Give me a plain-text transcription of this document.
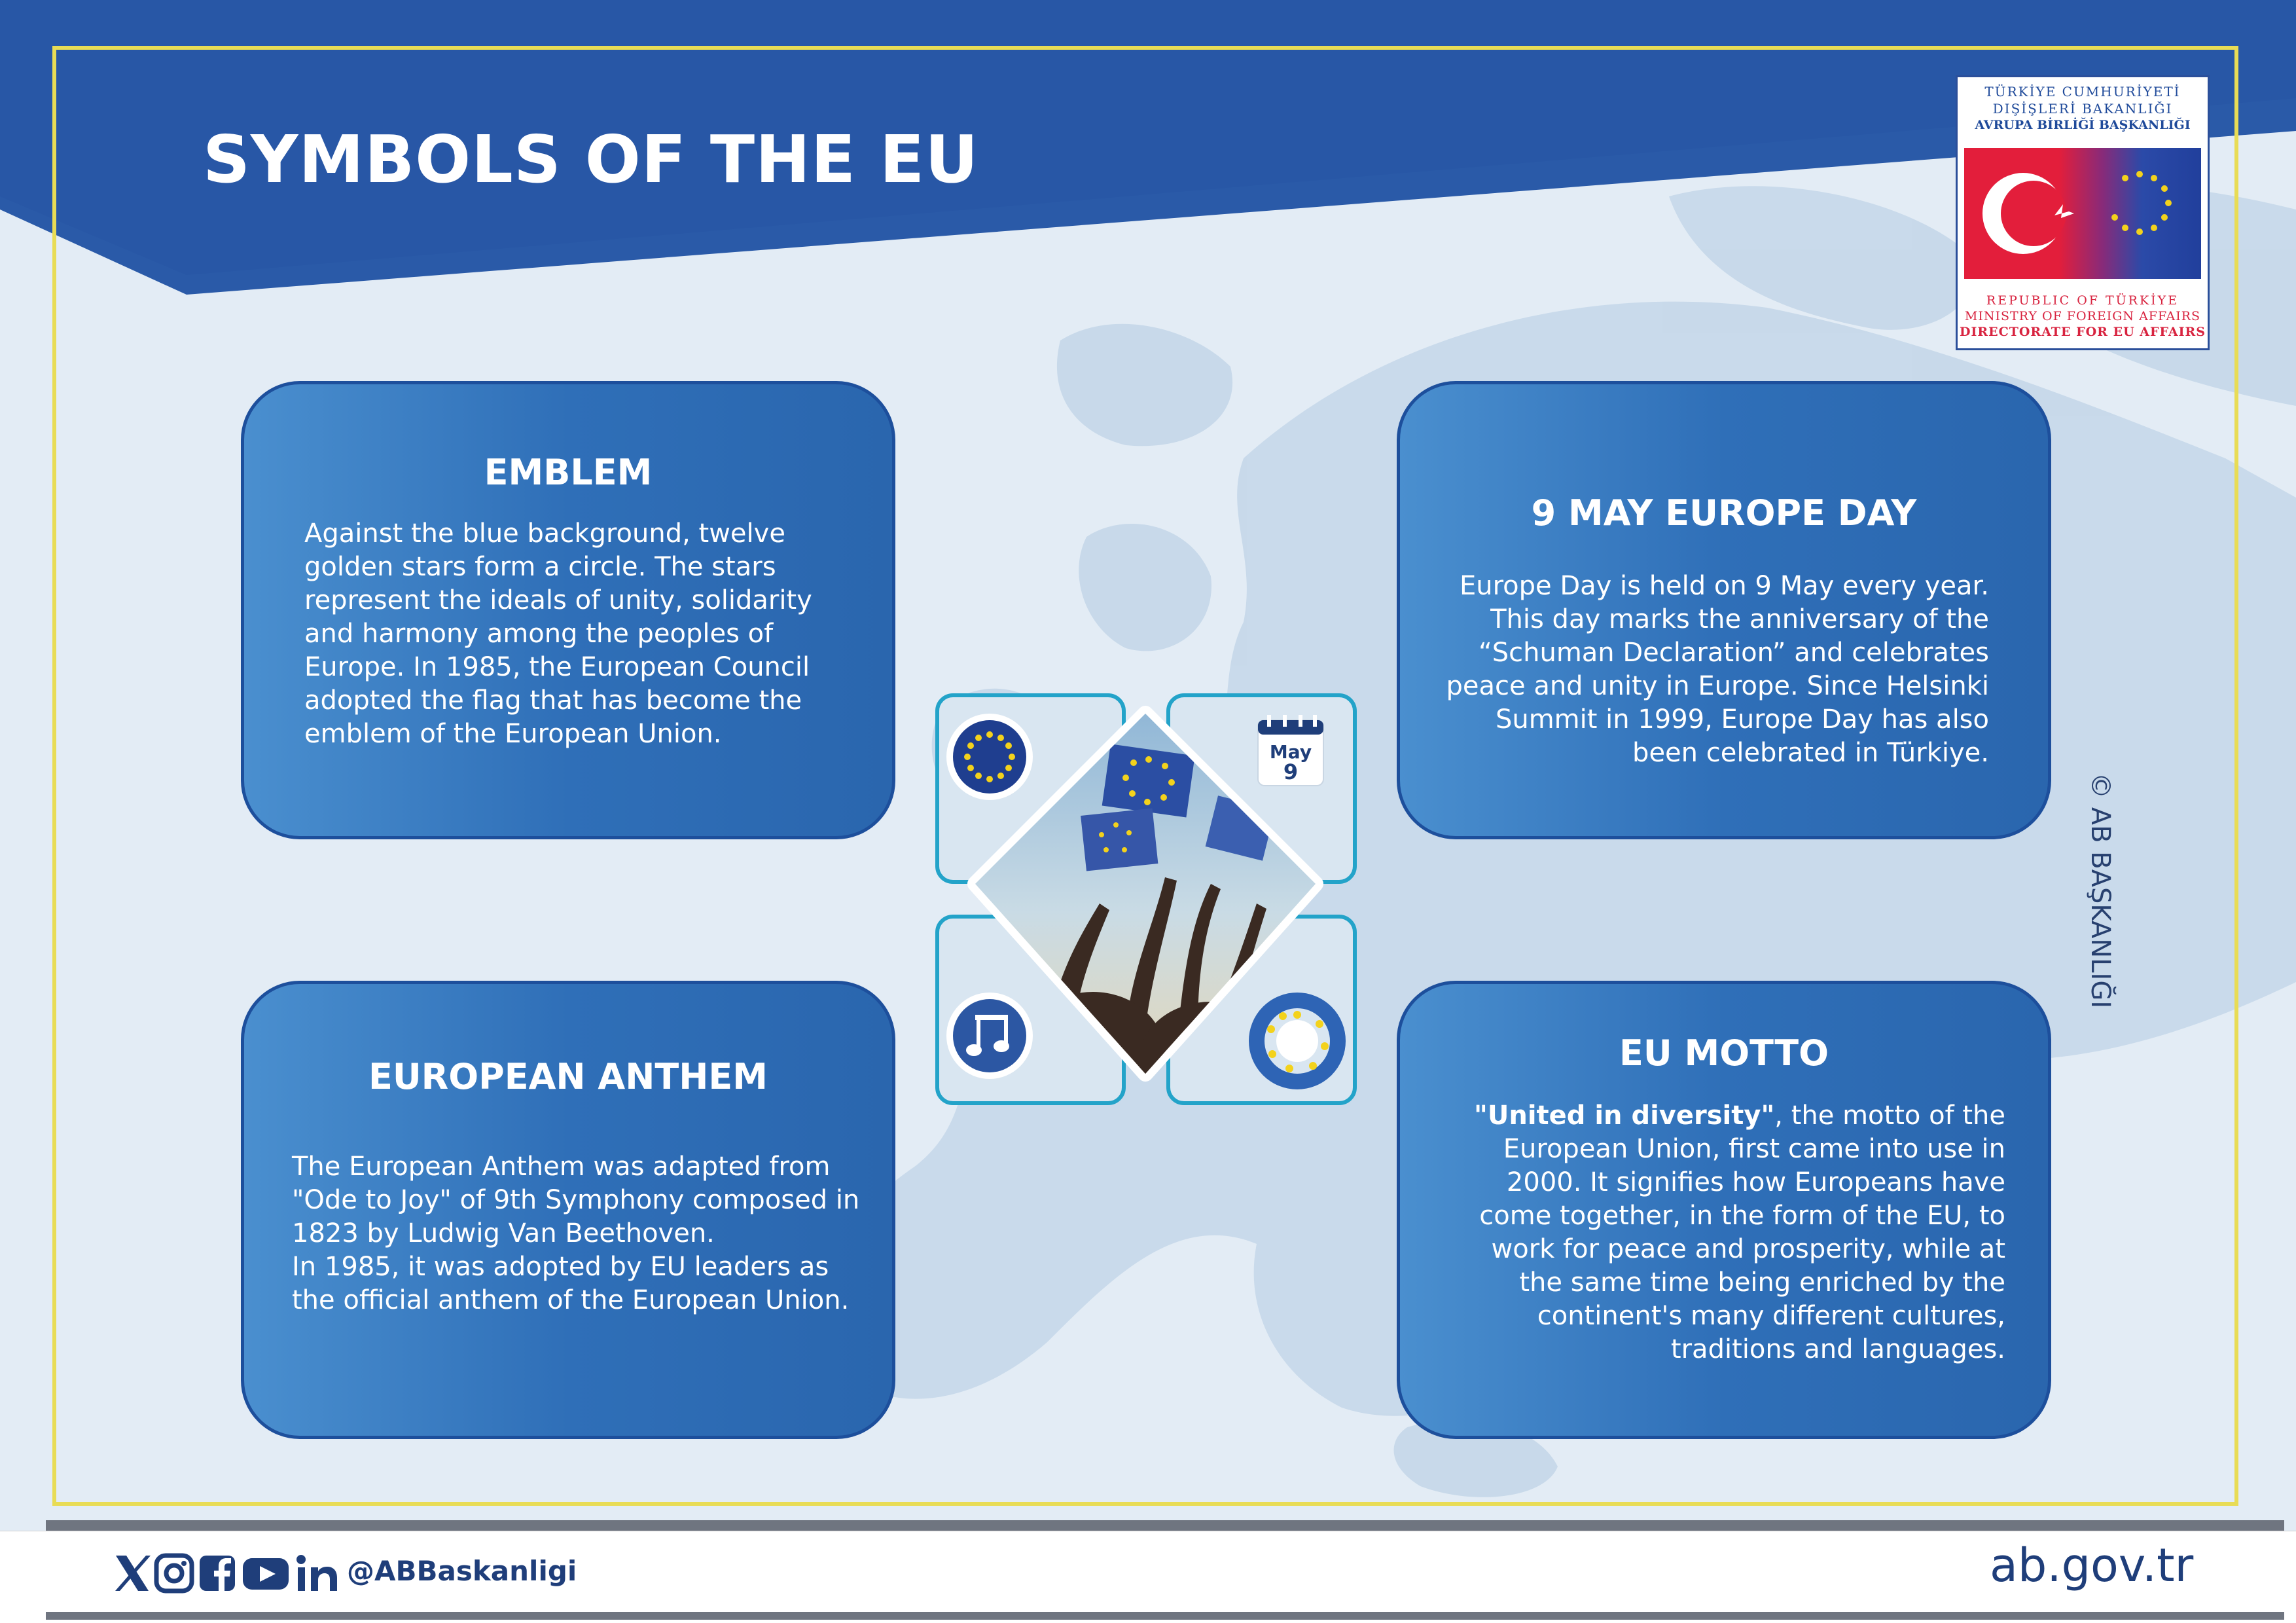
SYMBOLS OF THE EU
TÜRKİYE CUMHURİYETİ
DIŞİŞLERİ BAKANLIĞI
AVRUPA BİRLİĞİ BAŞKANLIĞI
REPUBLIC OF TÜRKİYE
MINISTRY OF FOREIGN AFFAIRS
DIRECTORATE FOR EU AFFAIRS
EMBLEM

Against the blue background, twelve
golden stars form a circle. The stars
represent the ideals of unity, solidarity
and harmony among the peoples of
Europe. In 1985, the European Council
adopted the flag that has become the
emblem of the European Union.

9 MAY EUROPE DAY

Europe Day is held on 9 May every year.
This day marks the anniversary of the
“Schuman Declaration” and celebrates
peace and unity in Europe. Since Helsinki
Summit in 1999, Europe Day has also
been celebrated in Türkiye.

EUROPEAN ANTHEM

The European Anthem was adapted from
"Ode to Joy" of 9th Symphony composed in
1823 by Ludwig Van Beethoven.
In 1985, it was adopted by EU leaders as
the official anthem of the European Union.

EU MOTTO

"United in diversity", the motto of the
European Union, first came into use in
2000. It signifies how Europeans have
come together, in the form of the EU, to
work for peace and prosperity, while at
the same time being enriched by the
continent's many different cultures,
traditions and languages.

May
9
© AB BAŞKANLIĞI
@ABBaskanligi	ab.gov.tr
